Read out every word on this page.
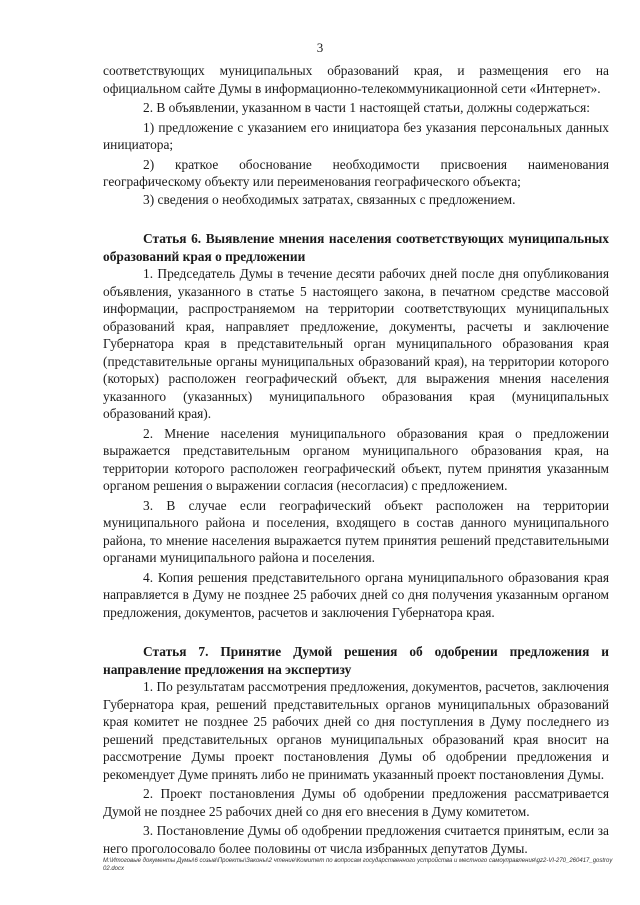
3

соответствующих муниципальных образований края, и размещения его на официальном сайте Думы в информационно-телекоммуникационной сети «Интернет».

2. В объявлении, указанном в части 1 настоящей статьи, должны содержаться:

1) предложение с указанием его инициатора без указания персональных данных инициатора;

2) краткое обоснование необходимости присвоения наименования географическому объекту или переименования географического объекта;

3) сведения о необходимых затратах, связанных с предложением.

Статья 6. Выявление мнения населения соответствующих муниципальных образований края о предложении

1. Председатель Думы в течение десяти рабочих дней после дня опубликования объявления, указанного в статье 5 настоящего закона, в печатном средстве массовой информации, распространяемом на территории соответствующих муниципальных образований края, направляет предложение, документы, расчеты и заключение Губернатора края в представительный орган муниципального образования края (представительные органы муниципальных образований края), на территории которого (которых) расположен географический объект, для выражения мнения населения указанного (указанных) муниципального образования края (муниципальных образований края).

2. Мнение населения муниципального образования края о предложении выражается представительным органом муниципального образования края, на территории которого расположен географический объект, путем принятия указанным органом решения о выражении согласия (несогласия) с предложением.

3. В случае если географический объект расположен на территории муниципального района и поселения, входящего в состав данного муниципального района, то мнение населения выражается путем принятия решений представительными органами муниципального района и поселения.

4. Копия решения представительного органа муниципального образования края направляется в Думу не позднее 25 рабочих дней со дня получения указанным органом предложения, документов, расчетов и заключения Губернатора края.

Статья 7. Принятие Думой решения об одобрении предложения и направление предложения на экспертизу

1. По результатам рассмотрения предложения, документов, расчетов, заключения Губернатора края, решений представительных органов муниципальных образований края комитет не позднее 25 рабочих дней со дня поступления в Думу последнего из решений представительных органов муниципальных образований края вносит на рассмотрение Думы проект постановления Думы об одобрении предложения и рекомендует Думе принять либо не принимать указанный проект постановления Думы.

2. Проект постановления Думы об одобрении предложения рассматривается Думой не позднее 25 рабочих дней со дня его внесения в Думу комитетом.

3. Постановление Думы об одобрении предложения считается принятым, если за него проголосовало более половины от числа избранных депутатов Думы.

M:\Итоговые документы Думы\6 созыв\Проекты\Законы\2 чтение\Комитет по вопросам государственного устройства и местного самоуправления\gz2-VI-270_260417_gostroy02.docx
